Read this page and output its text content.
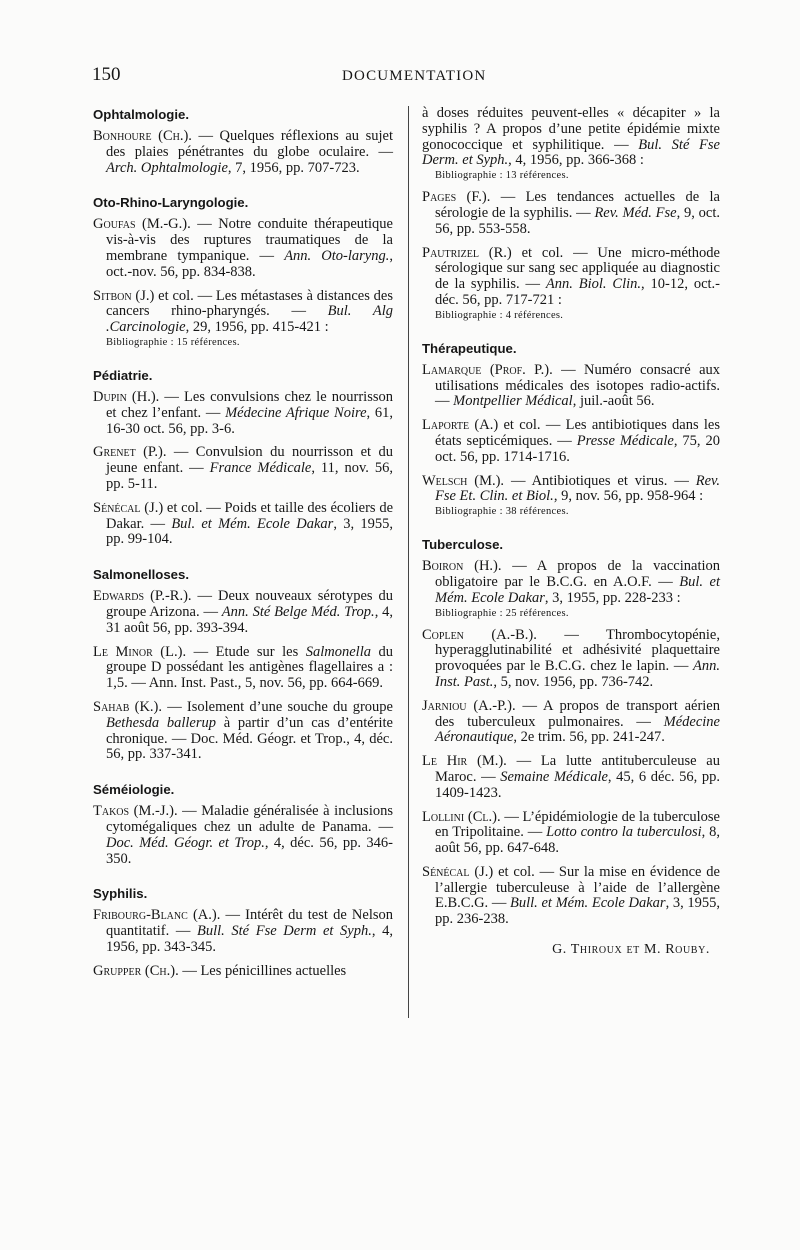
150	DOCUMENTATION
Ophtalmologie.

Bonhoure (Ch.). — Quelques réflexions au sujet des plaies pénétrantes du globe oculaire. — Arch. Ophtalmologie, 7, 1956, pp. 707-723.

Oto-Rhino-Laryngologie.

Goufas (M.-G.). — Notre conduite thérapeutique vis-à-vis des ruptures traumatiques de la membrane tympanique. — Ann. Oto-laryng., oct.-nov. 56, pp. 834-838.

Sitbon (J.) et col. — Les métastases à distances des cancers rhino-pharyngés. — Bul. Alg .Carcinologie, 29, 1956, pp. 415-421 :

Bibliographie : 15 références.
Pédiatrie.

Dupin (H.). — Les convulsions chez le nourrisson et chez l’enfant. — Médecine Afrique Noire, 61, 16-30 oct. 56, pp. 3-6.

Grenet (P.). — Convulsion du nourrisson et du jeune enfant. — France Médicale, 11, nov. 56, pp. 5-11.

Sénécal (J.) et col. — Poids et taille des écoliers de Dakar. — Bul. et Mém. Ecole Dakar, 3, 1955, pp. 99-104.

Salmonelloses.

Edwards (P.-R.). — Deux nouveaux sérotypes du groupe Arizona. — Ann. Sté Belge Méd. Trop., 4, 31 août 56, pp. 393-394.

Le Minor (L.). — Etude sur les Salmonella du groupe D possédant les antigènes flagellaires a : 1,5. — Ann. Inst. Past., 5, nov. 56, pp. 664-669.

Sahab (K.). — Isolement d’une souche du groupe Bethesda ballerup à partir d’un cas d’entérite chronique. — Doc. Méd. Géogr. et Trop., 4, déc. 56, pp. 337-341.

Séméiologie.

Takos (M.-J.). — Maladie généralisée à inclusions cytomégaliques chez un adulte de Panama. — Doc. Méd. Géogr. et Trop., 4, déc. 56, pp. 346-350.

Syphilis.

Fribourg-Blanc (A.). — Intérêt du test de Nelson quantitatif. — Bull. Sté Fse Derm et Syph., 4, 1956, pp. 343-345.

Grupper (Ch.). — Les pénicillines actuelles

à doses réduites peuvent-elles « décapiter » la syphilis ? A propos d’une petite épidémie mixte gonococcique et syphilitique. — Bul. Sté Fse Derm. et Syph., 4, 1956, pp. 366-368 :

Bibliographie : 13 références.

Pages (F.). — Les tendances actuelles de la sérologie de la syphilis. — Rev. Méd. Fse, 9, oct. 56, pp. 553-558.

Pautrizel (R.) et col. — Une micro-méthode sérologique sur sang sec appliquée au diagnostic de la syphilis. — Ann. Biol. Clin., 10-12, oct.-déc. 56, pp. 717-721 :

Bibliographie : 4 références.
Thérapeutique.

Lamarque (Prof. P.). — Numéro consacré aux utilisations médicales des isotopes radio-actifs. — Montpellier Médical, juil.-août 56.

Laporte (A.) et col. — Les antibiotiques dans les états septicémiques. — Presse Médicale, 75, 20 oct. 56, pp. 1714-1716.

Welsch (M.). — Antibiotiques et virus. — Rev. Fse Et. Clin. et Biol., 9, nov. 56, pp. 958-964 :

Bibliographie : 38 références.
Tuberculose.

Boiron (H.). — A propos de la vaccination obligatoire par le B.C.G. en A.O.F. — Bul. et Mém. Ecole Dakar, 3, 1955, pp. 228-233 :

Bibliographie : 25 références.

Coplen (A.-B.). — Thrombocytopénie, hyperagglutinabilité et adhésivité plaquettaire provoquées par le B.C.G. chez le lapin. — Ann. Inst. Past., 5, nov. 1956, pp. 736-742.

Jarniou (A.-P.). — A propos de transport aérien des tuberculeux pulmonaires. — Médecine Aéronautique, 2e trim. 56, pp. 241-247.

Le Hir (M.). — La lutte antituberculeuse au Maroc. — Semaine Médicale, 45, 6 déc. 56, pp. 1409-1423.

Lollini (Cl.). — L’épidémiologie de la tuberculose en Tripolitaine. — Lotto contro la tuberculosi, 8, août 56, pp. 647-648.

Sénécal (J.) et col. — Sur la mise en évidence de l’allergie tuberculeuse à l’aide de l’allergène E.B.C.G. — Bull. et Mém. Ecole Dakar, 3, 1955, pp. 236-238.

G. Thiroux et M. Rouby.
